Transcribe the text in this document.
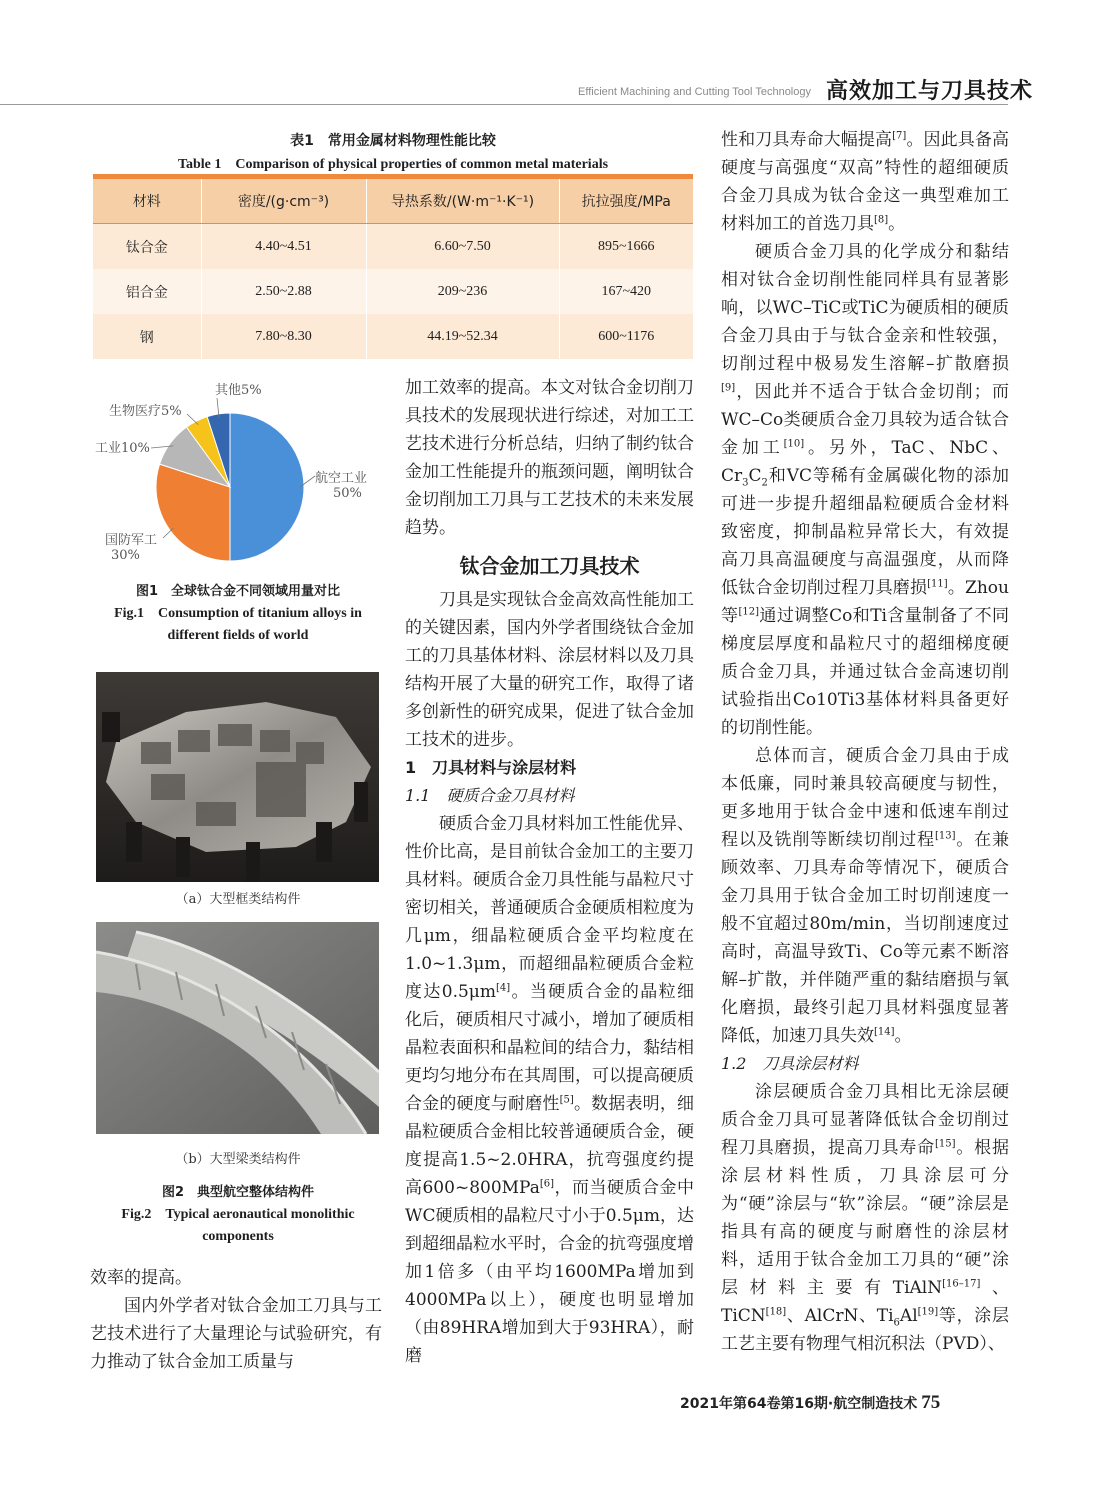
Efficient Machining and Cutting Tool Technology 高效加工与刀具技术
表1　常用金属材料物理性能比较
Table 1　Comparison of physical properties of common metal materials
材料	密度/(g·cm⁻³)	导热系数/(W·m⁻¹·K⁻¹)	抗拉强度/MPa
钛合金	4.40~4.51	6.60~7.50	895~1666
铝合金	2.50~2.88	209~236	167~420
钢	7.80~8.30	44.19~52.34	600~1176
航空工业 50%
国防军工 30%
工业10%
生物医疗5%
其他5%
图1　全球钛合金不同领域用量对比
Fig.1　Consumption of titanium alloys in
different fields of world
（a）大型框类结构件
（b）大型梁类结构件
图2　典型航空整体结构件
Fig.2　Typical aeronautical monolithic
components

效率的提高。

国内外学者对钛合金加工刀具与工艺技术进行了大量理论与试验研究，有力推动了钛合金加工质量与

加工效率的提高。本文对钛合金切削刀具技术的发展现状进行综述，对加工工艺技术进行分析总结，归纳了制约钛合金加工性能提升的瓶颈问题，阐明钛合金切削加工刀具与工艺技术的未来发展趋势。

钛合金加工刀具技术

刀具是实现钛合金高效高性能加工的关键因素，国内外学者围绕钛合金加工的刀具基体材料、涂层材料以及刀具结构开展了大量的研究工作，取得了诸多创新性的研究成果，促进了钛合金加工技术的进步。

1　刀具材料与涂层材料
1.1　硬质合金刀具材料

硬质合金刀具材料加工性能优异、性价比高，是目前钛合金加工的主要刀具材料。硬质合金刀具性能与晶粒尺寸密切相关，普通硬质合金硬质相粒度为几μm，细晶粒硬质合金平均粒度在1.0~1.3μm，而超细晶粒硬质合金粒度达0.5μm[4]。当硬质合金的晶粒细化后，硬质相尺寸减小，增加了硬质相晶粒表面积和晶粒间的结合力，黏结相更均匀地分布在其周围，可以提高硬质合金的硬度与耐磨性[5]。数据表明，细晶粒硬质合金相比较普通硬质合金，硬度提高1.5~2.0HRA，抗弯强度约提高600~800MPa[6]，而当硬质合金中WC硬质相的晶粒尺寸小于0.5μm，达到超细晶粒水平时，合金的抗弯强度增加1倍多（由平均1600MPa增加到4000MPa以上），硬度也明显增加（由89HRA增加到大于93HRA），耐磨

性和刀具寿命大幅提高[7]。因此具备高硬度与高强度“双高”特性的超细硬质合金刀具成为钛合金这一典型难加工材料加工的首选刀具[8]。

硬质合金刀具的化学成分和黏结相对钛合金切削性能同样具有显著影响，以WC–TiC或TiC为硬质相的硬质合金刀具由于与钛合金亲和性较强，切削过程中极易发生溶解–扩散磨损[9]，因此并不适合于钛合金切削；而WC–Co类硬质合金刀具较为适合钛合金加工[10]。另外，TaC、NbC、$Cr_3C_2$和VC等稀有金属碳化物的添加可进一步提升超细晶粒硬质合金材料致密度，抑制晶粒异常长大，有效提高刀具高温硬度与高温强度，从而降低钛合金切削过程刀具磨损[11]。Zhou等[12]通过调整Co和Ti含量制备了不同梯度层厚度和晶粒尺寸的超细梯度硬质合金刀具，并通过钛合金高速切削试验指出Co10Ti3基体材料具备更好的切削性能。

总体而言，硬质合金刀具由于成本低廉，同时兼具较高硬度与韧性，更多地用于钛合金中速和低速车削过程以及铣削等断续切削过程[13]。在兼顾效率、刀具寿命等情况下，硬质合金刀具用于钛合金加工时切削速度一般不宜超过80m/min，当切削速度过高时，高温导致Ti、Co等元素不断溶解–扩散，并伴随严重的黏结磨损与氧化磨损，最终引起刀具材料强度显著降低，加速刀具失效[14]。

1.2　刀具涂层材料

涂层硬质合金刀具相比无涂层硬质合金刀具可显著降低钛合金切削过程刀具磨损，提高刀具寿命[15]。根据涂层材料性质，刀具涂层可分为“硬”涂层与“软”涂层。“硬”涂层是指具有高的硬度与耐磨性的涂层材料，适用于钛合金加工刀具的“硬”涂层材料主要有TiAlN[16–17]、TiCN[18]、AlCrN、$Ti_6Al[19]$等，涂层工艺主要有物理气相沉积法（PVD）、

2021年第64卷第16期·航空制造技术 75
